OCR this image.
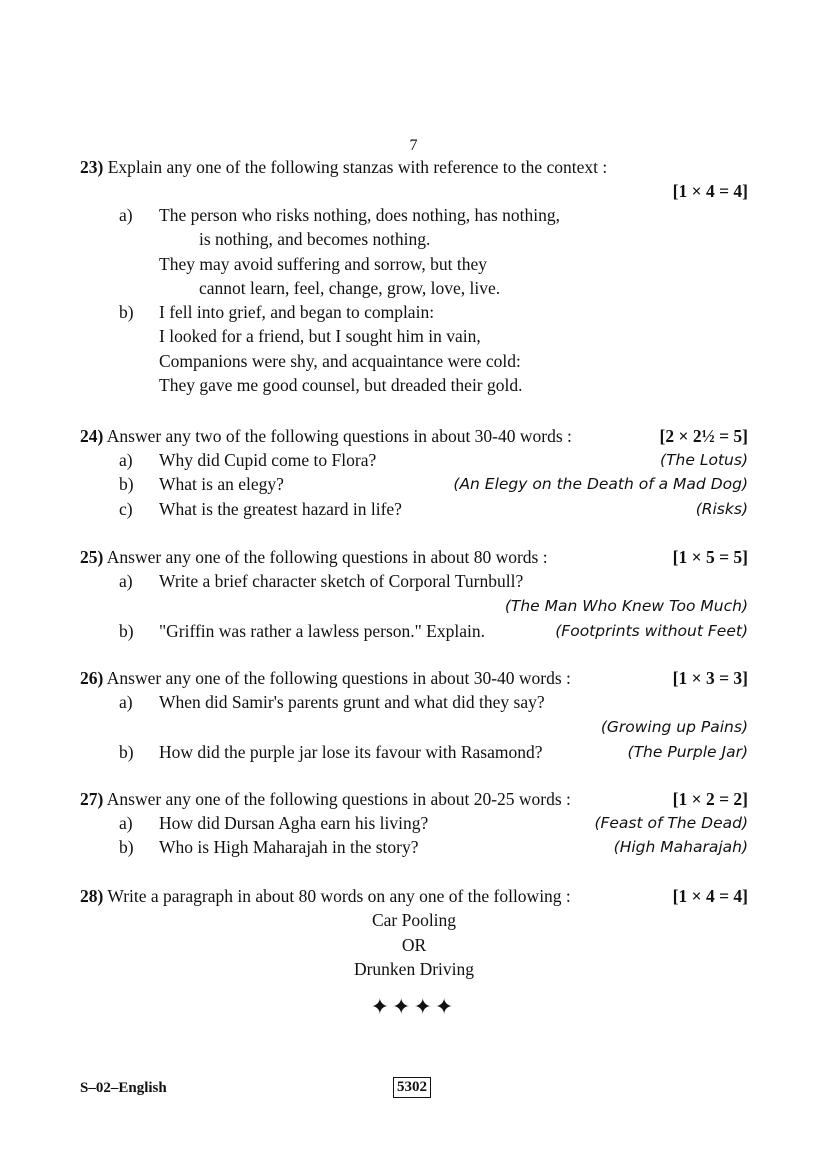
7
23) Explain any one of the following stanzas with reference to the context :
[1 × 4 = 4]
a)	The person who risks nothing, does nothing, has nothing,
is nothing, and becomes nothing.
They may avoid suffering and sorrow, but they
cannot learn, feel, change, grow, love, live.
b)	I fell into grief, and began to complain:
I looked for a friend, but I sought him in vain,
Companions were shy, and acquaintance were cold:
They gave me good counsel, but dreaded their gold.
24) Answer any two of the following questions in about 30-40 words :	[2 × 2½ = 5]
a)	Why did Cupid come to Flora?	(The Lotus)
b)	What is an elegy?	(An Elegy on the Death of a Mad Dog)
c)	What is the greatest hazard in life?	(Risks)
25) Answer any one of the following questions in about 80 words :	[1 × 5 = 5]
a)	Write a brief character sketch of Corporal Turnbull?
(The Man Who Knew Too Much)
b)	"Griffin was rather a lawless person." Explain.	(Footprints without Feet)
26) Answer any one of the following questions in about 30-40 words :	[1 × 3 = 3]
a)	When did Samir's parents grunt and what did they say?
(Growing up Pains)
b)	How did the purple jar lose its favour with Rasamond?	(The Purple Jar)
27) Answer any one of the following questions in about 20-25 words :	[1 × 2 = 2]
a)	How did Dursan Agha earn his living?	(Feast of The Dead)
b)	Who is High Maharajah in the story?	(High Maharajah)
28) Write a paragraph in about 80 words on any one of the following :	[1 × 4 = 4]
Car Pooling
OR
Drunken Driving
✦✦✦✦
S–02–English	5302
